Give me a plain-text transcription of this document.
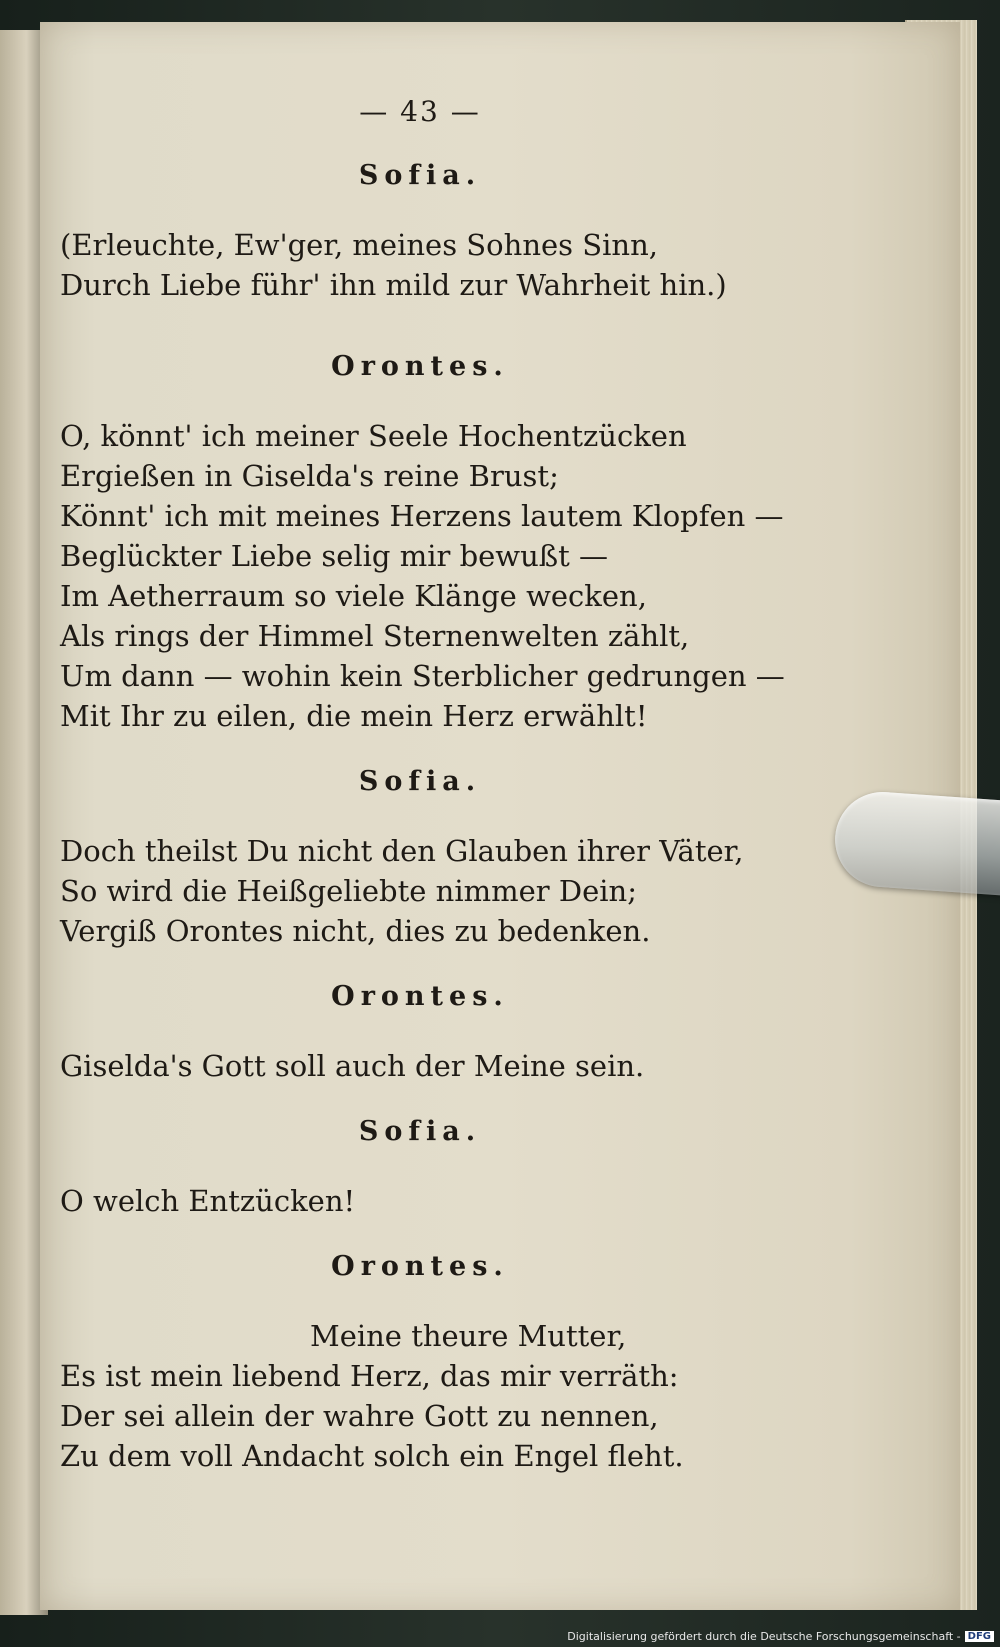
— 43 —
Sofia.
(Erleuchte, Ew'ger, meines Sohnes Sinn,
Durch Liebe führ' ihn mild zur Wahrheit hin.)
Orontes.
O, könnt' ich meiner Seele Hochentzücken
Ergießen in Giselda's reine Brust;
Könnt' ich mit meines Herzens lautem Klopfen —
Beglückter Liebe selig mir bewußt —
Im Aetherraum so viele Klänge wecken,
Als rings der Himmel Sternenwelten zählt,
Um dann — wohin kein Sterblicher gedrungen —
Mit Ihr zu eilen, die mein Herz erwählt!
Sofia.
Doch theilst Du nicht den Glauben ihrer Väter,
So wird die Heißgeliebte nimmer Dein;
Vergiß Orontes nicht, dies zu bedenken.
Orontes.
Giselda's Gott soll auch der Meine sein.
Sofia.
O welch Entzücken!
Orontes.
Meine theure Mutter,
Es ist mein liebend Herz, das mir verräth:
Der sei allein der wahre Gott zu nennen,
Zu dem voll Andacht solch ein Engel fleht.
Digitalisierung gefördert durch die Deutsche Forschungsgemeinschaft - DFG
